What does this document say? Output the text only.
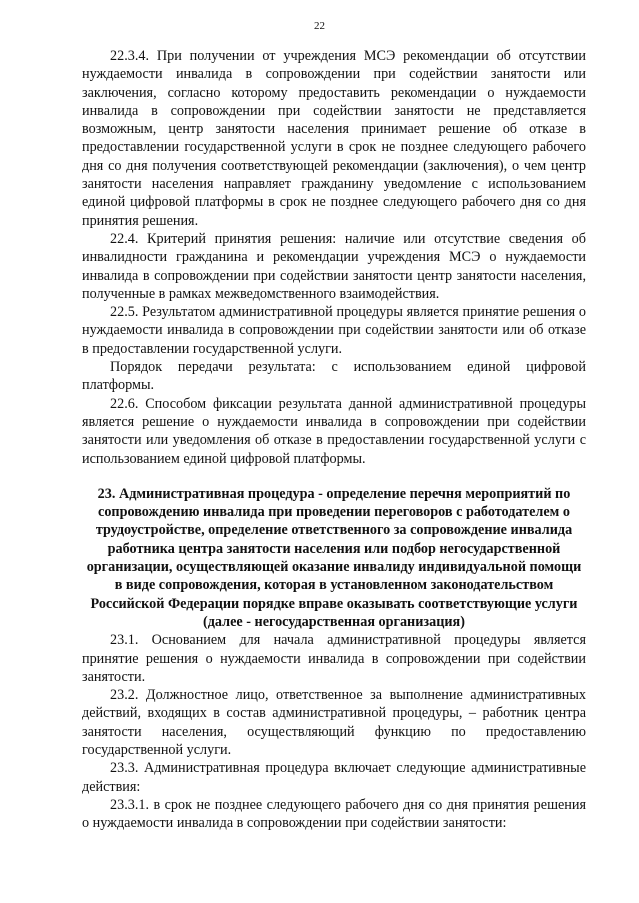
22

22.3.4. При получении от учреждения МСЭ рекомендации об отсутствии нуждаемости инвалида в сопровождении при содействии занятости или заключения, согласно которому предоставить рекомендации о нуждаемости инвалида в сопровождении при содействии занятости не представляется возможным, центр занятости населения принимает решение об отказе в предоставлении государственной услуги в срок не позднее следующего рабочего дня со дня получения соответствующей рекомендации (заключения), о чем центр занятости населения направляет гражданину уведомление с использованием единой цифровой платформы в срок не позднее следующего рабочего дня со дня принятия решения.

22.4. Критерий принятия решения: наличие или отсутствие сведения об инвалидности гражданина и рекомендации учреждения МСЭ о нуждаемости инвалида в сопровождении при содействии занятости центр занятости населения, полученные в рамках межведомственного взаимодействия.

22.5. Результатом административной процедуры является принятие решения о нуждаемости инвалида в сопровождении при содействии занятости или об отказе в предоставлении государственной услуги.

Порядок передачи результата: с использованием единой цифровой платформы.

22.6. Способом фиксации результата данной административной процедуры является решение о нуждаемости инвалида в сопровождении при содействии занятости или уведомления об отказе в предоставлении государственной услуги с использованием единой цифровой платформы.

23. Административная процедура - определение перечня мероприятий по сопровождению инвалида при проведении переговоров с работодателем о трудоустройстве, определение ответственного за сопровождение инвалида работника центра занятости населения или подбор негосударственной организации, осуществляющей оказание инвалиду индивидуальной помощи в виде сопровождения, которая в установленном законодательством Российской Федерации порядке вправе оказывать соответствующие услуги (далее - негосударственная организация)

23.1. Основанием для начала административной процедуры является принятие решения о нуждаемости инвалида в сопровождении при содействии занятости.

23.2. Должностное лицо, ответственное за выполнение административных действий, входящих в состав административной процедуры, – работник центра занятости населения, осуществляющий функцию по предоставлению государственной услуги.

23.3. Административная процедура включает следующие административные действия:

23.3.1. в срок не позднее следующего рабочего дня со дня принятия решения о нуждаемости инвалида в сопровождении при содействии занятости:
